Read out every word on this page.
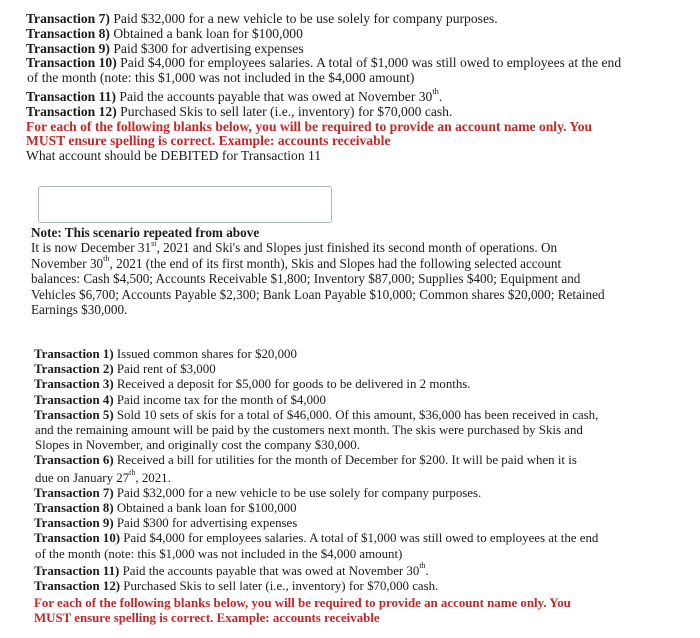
Transaction 7) Paid $32,000 for a new vehicle to be use solely for company purposes.
Transaction 8) Obtained a bank loan for $100,000
Transaction 9) Paid $300 for advertising expenses
Transaction 10) Paid $4,000 for employees salaries. A total of $1,000 was still owed to employees at the end
of the month (note: this $1,000 was not included in the $4,000 amount)
Transaction 11) Paid the accounts payable that was owed at November 30th.
Transaction 12) Purchased Skis to sell later (i.e., inventory) for $70,000 cash.
For each of the following blanks below, you will be required to provide an account name only. You
MUST ensure spelling is correct. Example: accounts receivable
What account should be DEBITED for Transaction 11
Note: This scenario repeated from above
It is now December 31st, 2021 and Ski's and Slopes just finished its second month of operations. On
November 30th, 2021 (the end of its first month), Skis and Slopes had the following selected account
balances: Cash $4,500; Accounts Receivable $1,800; Inventory $87,000; Supplies $400; Equipment and
Vehicles $6,700; Accounts Payable $2,300; Bank Loan Payable $10,000; Common shares $20,000; Retained
Earnings $30,000.
Transaction 1) Issued common shares for $20,000
Transaction 2) Paid rent of $3,000
Transaction 3) Received a deposit for $5,000 for goods to be delivered in 2 months.
Transaction 4) Paid income tax for the month of $4,000
Transaction 5) Sold 10 sets of skis for a total of $46,000. Of this amount, $36,000 has been received in cash,
and the remaining amount will be paid by the customers next month. The skis were purchased by Skis and
Slopes in November, and originally cost the company $30,000.
Transaction 6) Received a bill for utilities for the month of December for $200. It will be paid when it is
due on January 27th, 2021.
Transaction 7) Paid $32,000 for a new vehicle to be use solely for company purposes.
Transaction 8) Obtained a bank loan for $100,000
Transaction 9) Paid $300 for advertising expenses
Transaction 10) Paid $4,000 for employees salaries. A total of $1,000 was still owed to employees at the end
of the month (note: this $1,000 was not included in the $4,000 amount)
Transaction 11) Paid the accounts payable that was owed at November 30th.
Transaction 12) Purchased Skis to sell later (i.e., inventory) for $70,000 cash.
For each of the following blanks below, you will be required to provide an account name only. You
MUST ensure spelling is correct. Example: accounts receivable
